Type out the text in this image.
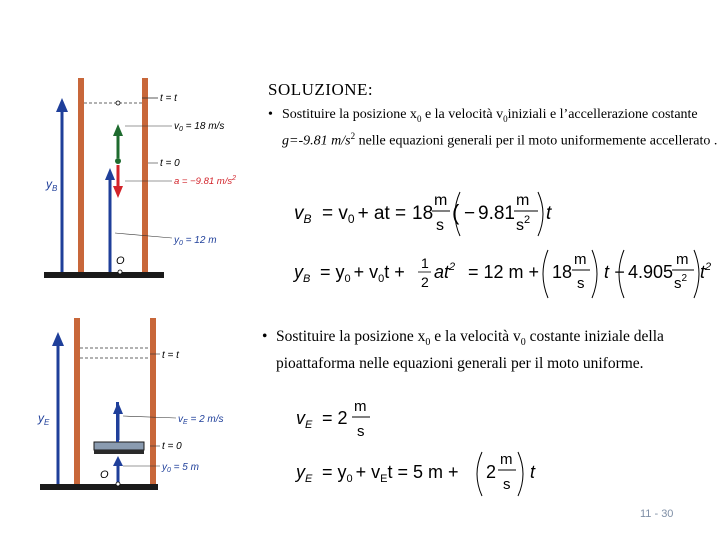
$y_B$
t = t
$v_0 = 18$ m/s
a = −9.81 $m/s^2$
t = 0
$y_0 = 12$ m
O
$y_E$
t = t
$v_E = 2$ m/s
t = 0
$y_0 = 5$ m
O
SOLUZIONE:
• Sostituire la posizione $x_0$ e la velocità $v_0iniziali$ e l’accellerazione costante g=-9.81 $m/s^2$ nelle equazioni generali per il moto uniformemente accellerato .
$v_B = v_0$ + at = 18
m
s
( − 9.81
m
$s^2$ t
$y_B = y_0 + v_0t + 1$
2 $at^2 = 12$ m + 18
m
s
t − 4.905
m
$s^2$ $t^2$
• Sostituire la posizione $x_0$ e la velocità $v_0$ costante iniziale della pioattaforma nelle equazioni generali per il moto uniforme.
$v_E = 2$
m
s
$y_E = y_0 + v_Et = 5$ m + 2
m
s
t
11 - 30
